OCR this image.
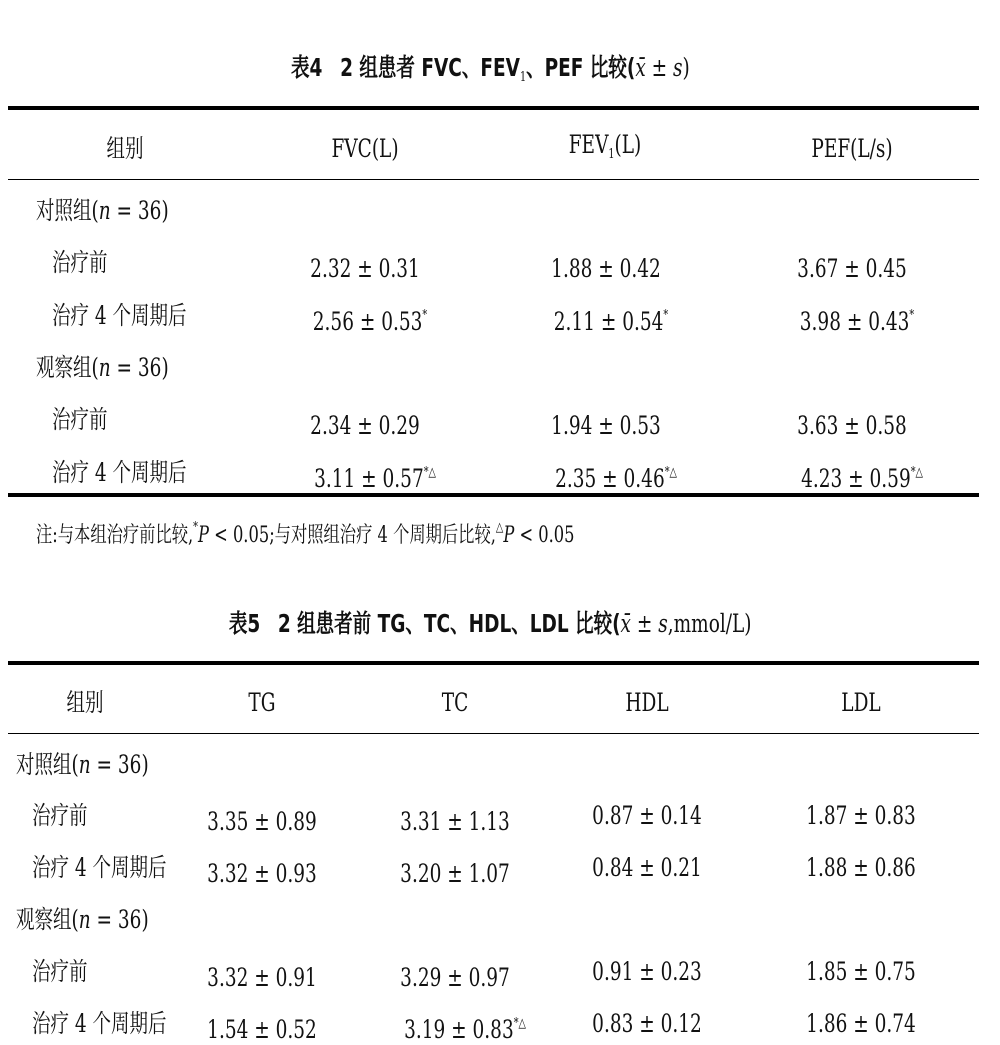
表4 2 组患者 FVC、$FEV_1$、PEF 比较(x̄ ± s)
组别	FVC(L)	$FEV_1(L)$	PEF(L/s)
对照组(n = 36)
治疗前	2.32 ± 0.31	1.88 ± 0.42	3.67 ± 0.45
治疗 4 个周期后	2.56 ± 0.53*	2.11 ± 0.54*	3.98 ± 0.43*
观察组(n = 36)
治疗前	2.34 ± 0.29	1.94 ± 0.53	3.63 ± 0.58
治疗 4 个周期后	3.11 ± 0.57*△	2.35 ± 0.46*△	4.23 ± 0.59*△
注:与本组治疗前比较,*P < 0.05;与对照组治疗 4 个周期后比较,△P < 0.05
表5 2 组患者前 TG、TC、HDL、LDL 比较(x̄ ± s,mmol/L)
组别	TG	TC	HDL	LDL
对照组(n = 36)
治疗前	3.35 ± 0.89	3.31 ± 1.13	0.87 ± 0.14	1.87 ± 0.83
治疗 4 个周期后	3.32 ± 0.93	3.20 ± 1.07	0.84 ± 0.21	1.88 ± 0.86
观察组(n = 36)
治疗前	3.32 ± 0.91	3.29 ± 0.97	0.91 ± 0.23	1.85 ± 0.75
治疗 4 个周期后	1.54 ± 0.52	3.19 ± 0.83*△	0.83 ± 0.12	1.86 ± 0.74
